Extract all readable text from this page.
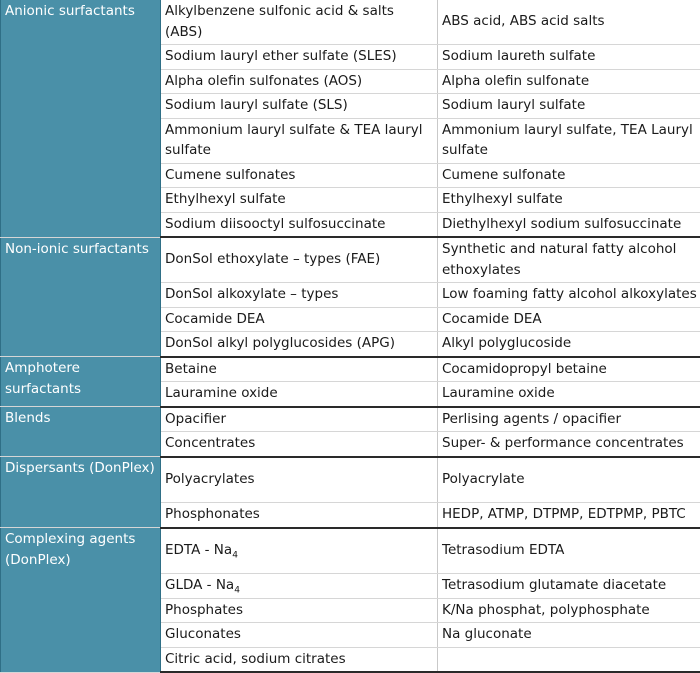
Anionic surfactants	Alkylbenzene sulfonic acid & salts (ABS)	ABS acid, ABS acid salts
	Sodium lauryl ether sulfate (SLES)	Sodium laureth sulfate
	Alpha olefin sulfonates (AOS)	Alpha olefin sulfonate
	Sodium lauryl sulfate (SLS)	Sodium lauryl sulfate
	Ammonium lauryl sulfate & TEA lauryl sulfate	Ammonium lauryl sulfate, TEA Lauryl sulfate
	Cumene sulfonates	Cumene sulfonate
	Ethylhexyl sulfate	Ethylhexyl sulfate
	Sodium diisooctyl sulfosuccinate	Diethylhexyl sodium sulfosuccinate
Non-ionic surfactants	DonSol ethoxylate – types (FAE)	Synthetic and natural fatty alcohol ethoxylates
	DonSol alkoxylate – types	Low foaming fatty alcohol alkoxylates
	Cocamide DEA	Cocamide DEA
	DonSol alkyl polyglucosides (APG)	Alkyl polyglucoside
Amphotere surfactants	Betaine	Cocamidopropyl betaine
	Lauramine oxide	Lauramine oxide
Blends	Opacifier	Perlising agents / opacifier
	Concentrates	Super- & performance concentrates
Dispersants (DonPlex)	Polyacrylates	Polyacrylate
	Phosphonates	HEDP, ATMP, DTPMP, EDTPMP, PBTC
Complexing agents (DonPlex)	EDTA - $Na_4$	Tetrasodium EDTA
	GLDA - $Na_4$	Tetrasodium glutamate diacetate
	Phosphates	K/Na phosphat, polyphosphate
	Gluconates	Na gluconate
	Citric acid, sodium citrates	
